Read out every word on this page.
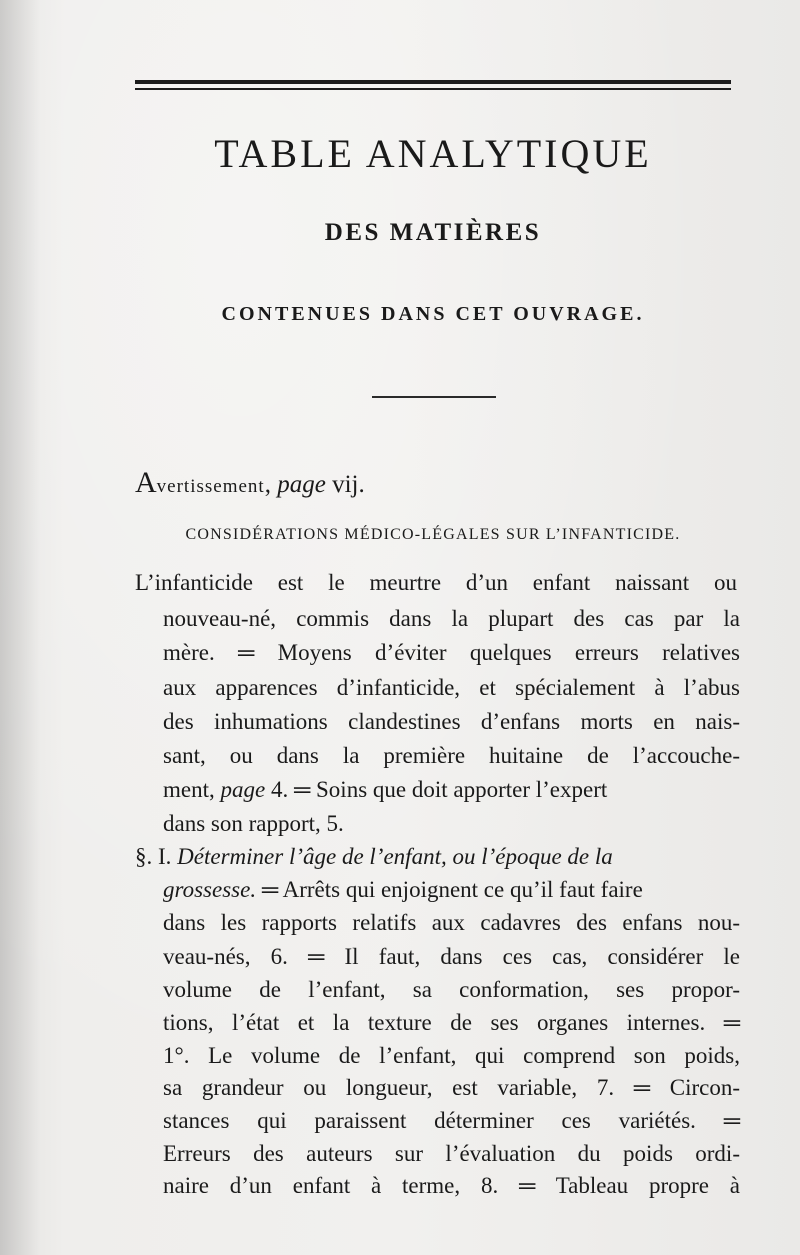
TABLE ANALYTIQUE
DES MATIÈRES
CONTENUES DANS CET OUVRAGE.
Avertissement, page vij.
CONSIDÉRATIONS MÉDICO-LÉGALES SUR L’INFANTICIDE.
L’infanticide est le meurtre d’un enfant naissant ou
nouveau-né, commis dans la plupart des cas par la
mère. ═ Moyens d’éviter quelques erreurs relatives
aux apparences d’infanticide, et spécialement à l’abus
des inhumations clandestines d’enfans morts en nais-
sant, ou dans la première huitaine de l’accouche-
ment, page 4. ═ Soins que doit apporter l’expert
dans son rapport, 5.
§. I. Déterminer l’âge de l’enfant, ou l’époque de la
grossesse. ═ Arrêts qui enjoignent ce qu’il faut faire
dans les rapports relatifs aux cadavres des enfans nou-
veau-nés, 6. ═ Il faut, dans ces cas, considérer le
volume de l’enfant, sa conformation, ses propor-
tions, l’état et la texture de ses organes internes. ═
1°. Le volume de l’enfant, qui comprend son poids,
sa grandeur ou longueur, est variable, 7. ═ Circon-
stances qui paraissent déterminer ces variétés. ═
Erreurs des auteurs sur l’évaluation du poids ordi-
naire d’un enfant à terme, 8. ═ Tableau propre à
